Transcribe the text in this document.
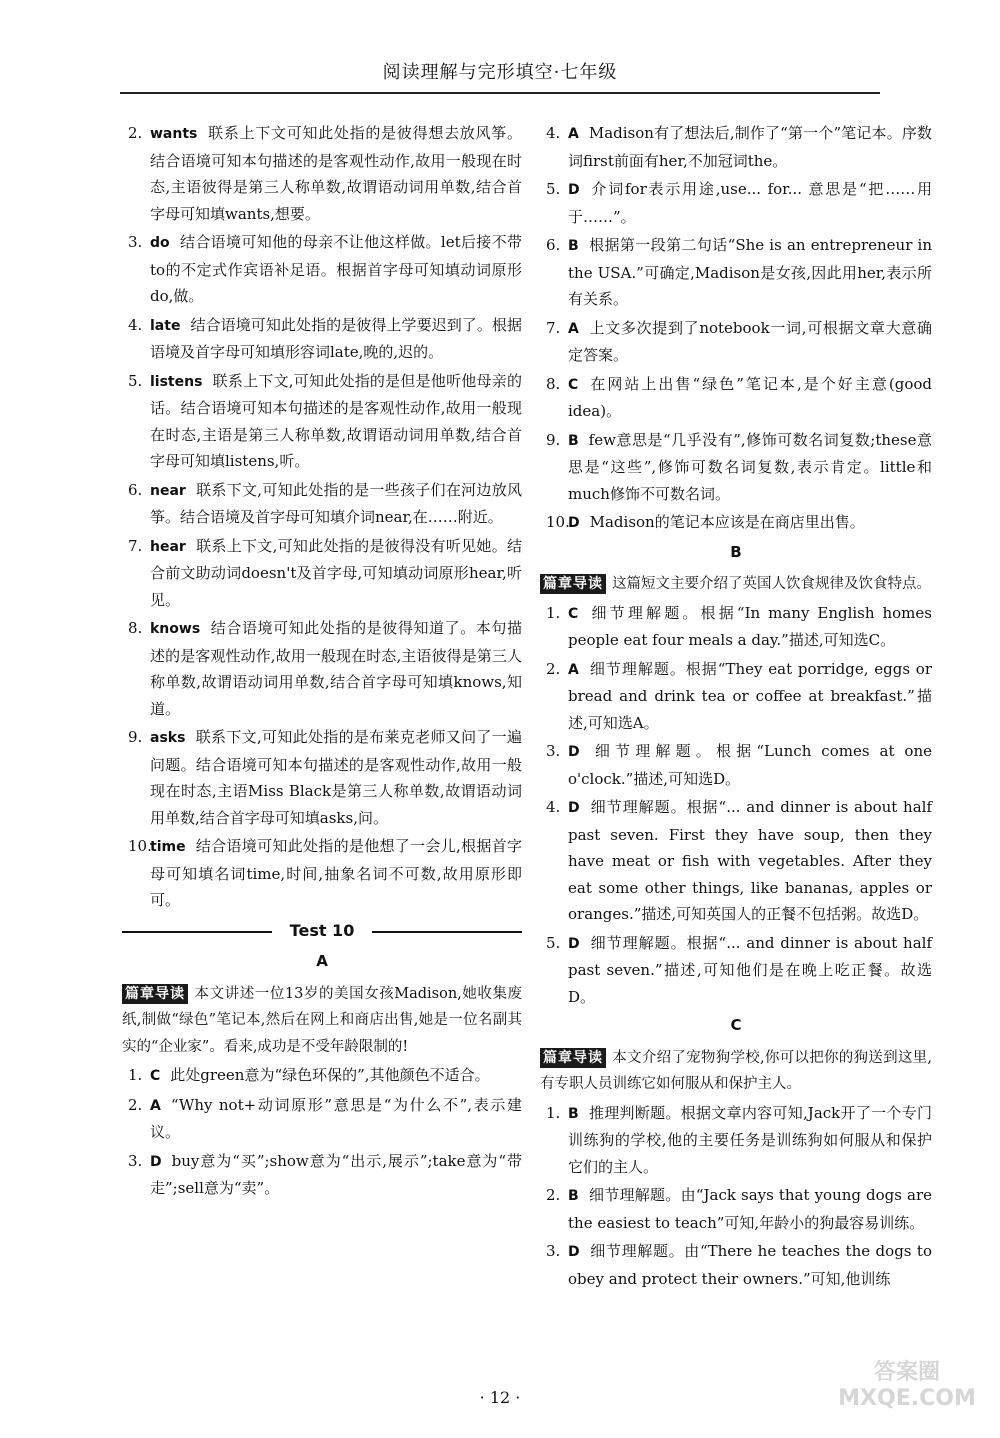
阅读理解与完形填空·七年级
2. wants 联系上下文可知此处指的是彼得想去放风筝。结合语境可知本句描述的是客观性动作,故用一般现在时态,主语彼得是第三人称单数,故谓语动词用单数,结合首字母可知填wants,想要。
3. do 结合语境可知他的母亲不让他这样做。let后接不带to的不定式作宾语补足语。根据首字母可知填动词原形do,做。
4. late 结合语境可知此处指的是彼得上学要迟到了。根据语境及首字母可知填形容词late,晚的,迟的。
5. listens 联系上下文,可知此处指的是但是他听他母亲的话。结合语境可知本句描述的是客观性动作,故用一般现在时态,主语是第三人称单数,故谓语动词用单数,结合首字母可知填listens,听。
6. near 联系下文,可知此处指的是一些孩子们在河边放风筝。结合语境及首字母可知填介词near,在……附近。
7. hear 联系上下文,可知此处指的是彼得没有听见她。结合前文助动词doesn't及首字母,可知填动词原形hear,听见。
8. knows 结合语境可知此处指的是彼得知道了。本句描述的是客观性动作,故用一般现在时态,主语彼得是第三人称单数,故谓语动词用单数,结合首字母可知填knows,知道。
9. asks 联系下文,可知此处指的是布莱克老师又问了一遍问题。结合语境可知本句描述的是客观性动作,故用一般现在时态,主语Miss Black是第三人称单数,故谓语动词用单数,结合首字母可知填asks,问。
10.
time 结合语境可知此处指的是他想了一会儿,根据首字母可知填名词time,时间,抽象名词不可数,故用原形即可。
Test 10
A
篇章导读 本文讲述一位13岁的美国女孩Madison,她收集废纸,制做“绿色”笔记本,然后在网上和商店出售,她是一位名副其实的“企业家”。看来,成功是不受年龄限制的!
1. C 此处green意为“绿色环保的”,其他颜色不适合。
2. A “Why not+动词原形”意思是“为什么不”,表示建议。
3. D buy意为“买”;show意为“出示,展示”;take意为“带走”;sell意为“卖”。
4. A Madison有了想法后,制作了“第一个”笔记本。序数词first前面有her,不加冠词the。
5. D 介词for表示用途,use... for... 意思是“把……用于……”。
6. B 根据第一段第二句话“She is an entrepreneur in the USA.”可确定,Madison是女孩,因此用her,表示所有关系。
7. A 上文多次提到了notebook一词,可根据文章大意确定答案。
8. C 在网站上出售“绿色”笔记本,是个好主意(good idea)。
9. B few意思是“几乎没有”,修饰可数名词复数;these意思是“这些”,修饰可数名词复数,表示肯定。little和much修饰不可数名词。
10.
D Madison的笔记本应该是在商店里出售。
B
篇章导读 这篇短文主要介绍了英国人饮食规律及饮食特点。
1. C 细节理解题。根据“In many English homes people eat four meals a day.”描述,可知选C。
2. A 细节理解题。根据“They eat porridge, eggs or bread and drink tea or coffee at breakfast.”描述,可知选A。
3. D 细节理解题。根据“Lunch comes at one o'clock.”描述,可知选D。
4. D 细节理解题。根据“... and dinner is about half past seven. First they have soup, then they have meat or fish with vegetables. After they eat some other things, like bananas, apples or oranges.”描述,可知英国人的正餐不包括粥。故选D。
5. D 细节理解题。根据“... and dinner is about half past seven.”描述,可知他们是在晚上吃正餐。故选D。
C
篇章导读 本文介绍了宠物狗学校,你可以把你的狗送到这里,有专职人员训练它如何服从和保护主人。
1. B 推理判断题。根据文章内容可知,Jack开了一个专门训练狗的学校,他的主要任务是训练狗如何服从和保护它们的主人。
2. B 细节理解题。由“Jack says that young dogs are the easiest to teach”可知,年龄小的狗最容易训练。
3. D 细节理解题。由“There he teaches the dogs to obey and protect their owners.”可知,他训练
· 12 ·
答案圈 MXQE.COM
